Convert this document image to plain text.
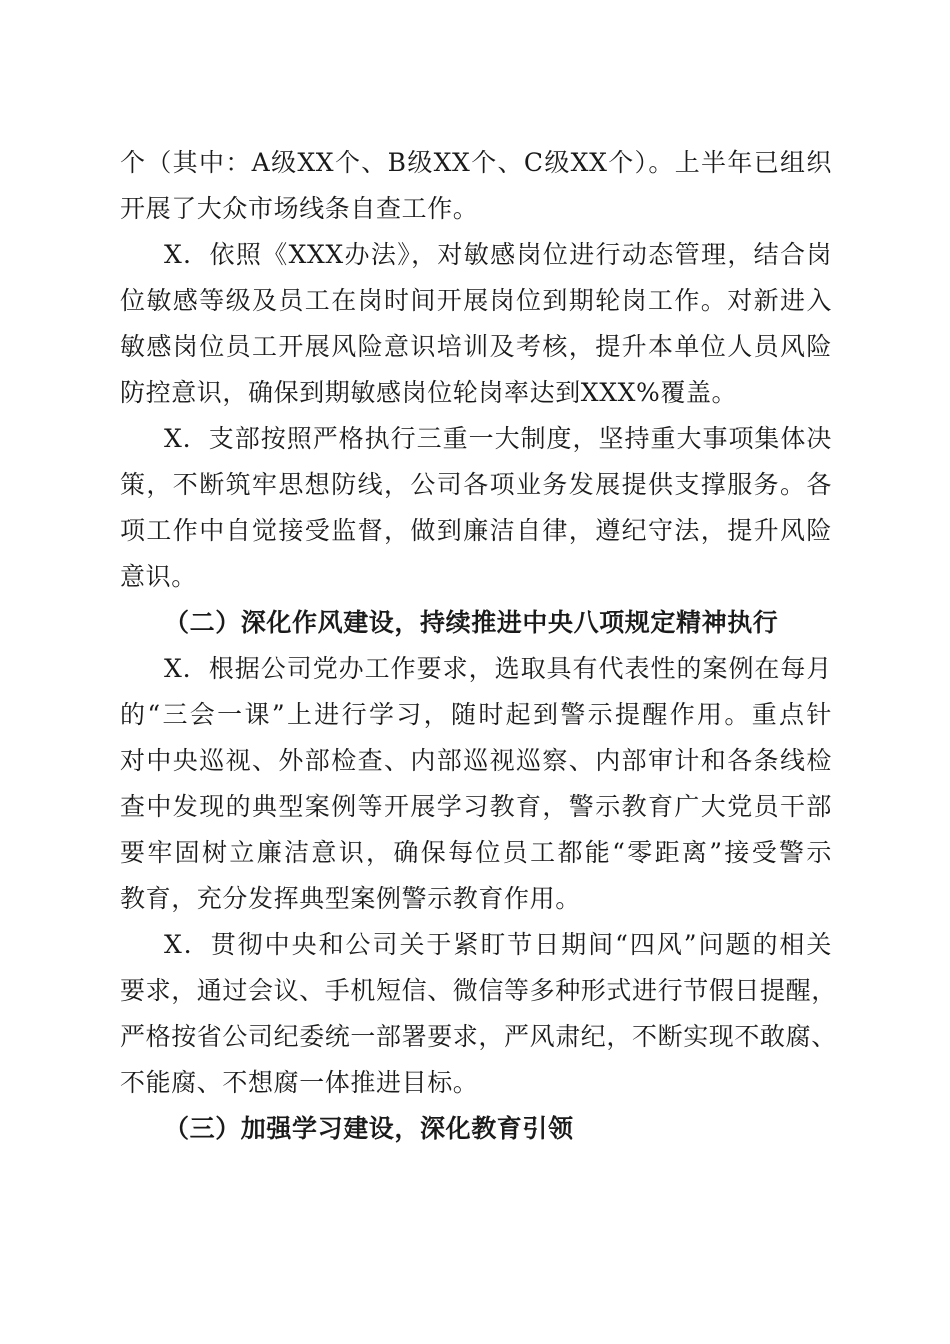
个（其中：A级XX个、B级XX个、C级XX个）。上半年已组织
开展了大众市场线条自查工作。
X．依照《XXX办法》，对敏感岗位进行动态管理，结合岗
位敏感等级及员工在岗时间开展岗位到期轮岗工作。对新进入
敏感岗位员工开展风险意识培训及考核，提升本单位人员风险
防控意识，确保到期敏感岗位轮岗率达到XXX%覆盖。
X．支部按照严格执行三重一大制度，坚持重大事项集体决
策，不断筑牢思想防线，公司各项业务发展提供支撑服务。各
项工作中自觉接受监督，做到廉洁自律，遵纪守法，提升风险
意识。
（二）深化作风建设，持续推进中央八项规定精神执行
X．根据公司党办工作要求，选取具有代表性的案例在每月
的“三会一课”上进行学习，随时起到警示提醒作用。重点针
对中央巡视、外部检查、内部巡视巡察、内部审计和各条线检
查中发现的典型案例等开展学习教育，警示教育广大党员干部
要牢固树立廉洁意识，确保每位员工都能“零距离”接受警示
教育，充分发挥典型案例警示教育作用。
X．贯彻中央和公司关于紧盯节日期间“四风”问题的相关
要求，通过会议、手机短信、微信等多种形式进行节假日提醒，
严格按省公司纪委统一部署要求，严风肃纪，不断实现不敢腐、
不能腐、不想腐一体推进目标。
（三）加强学习建设，深化教育引领
